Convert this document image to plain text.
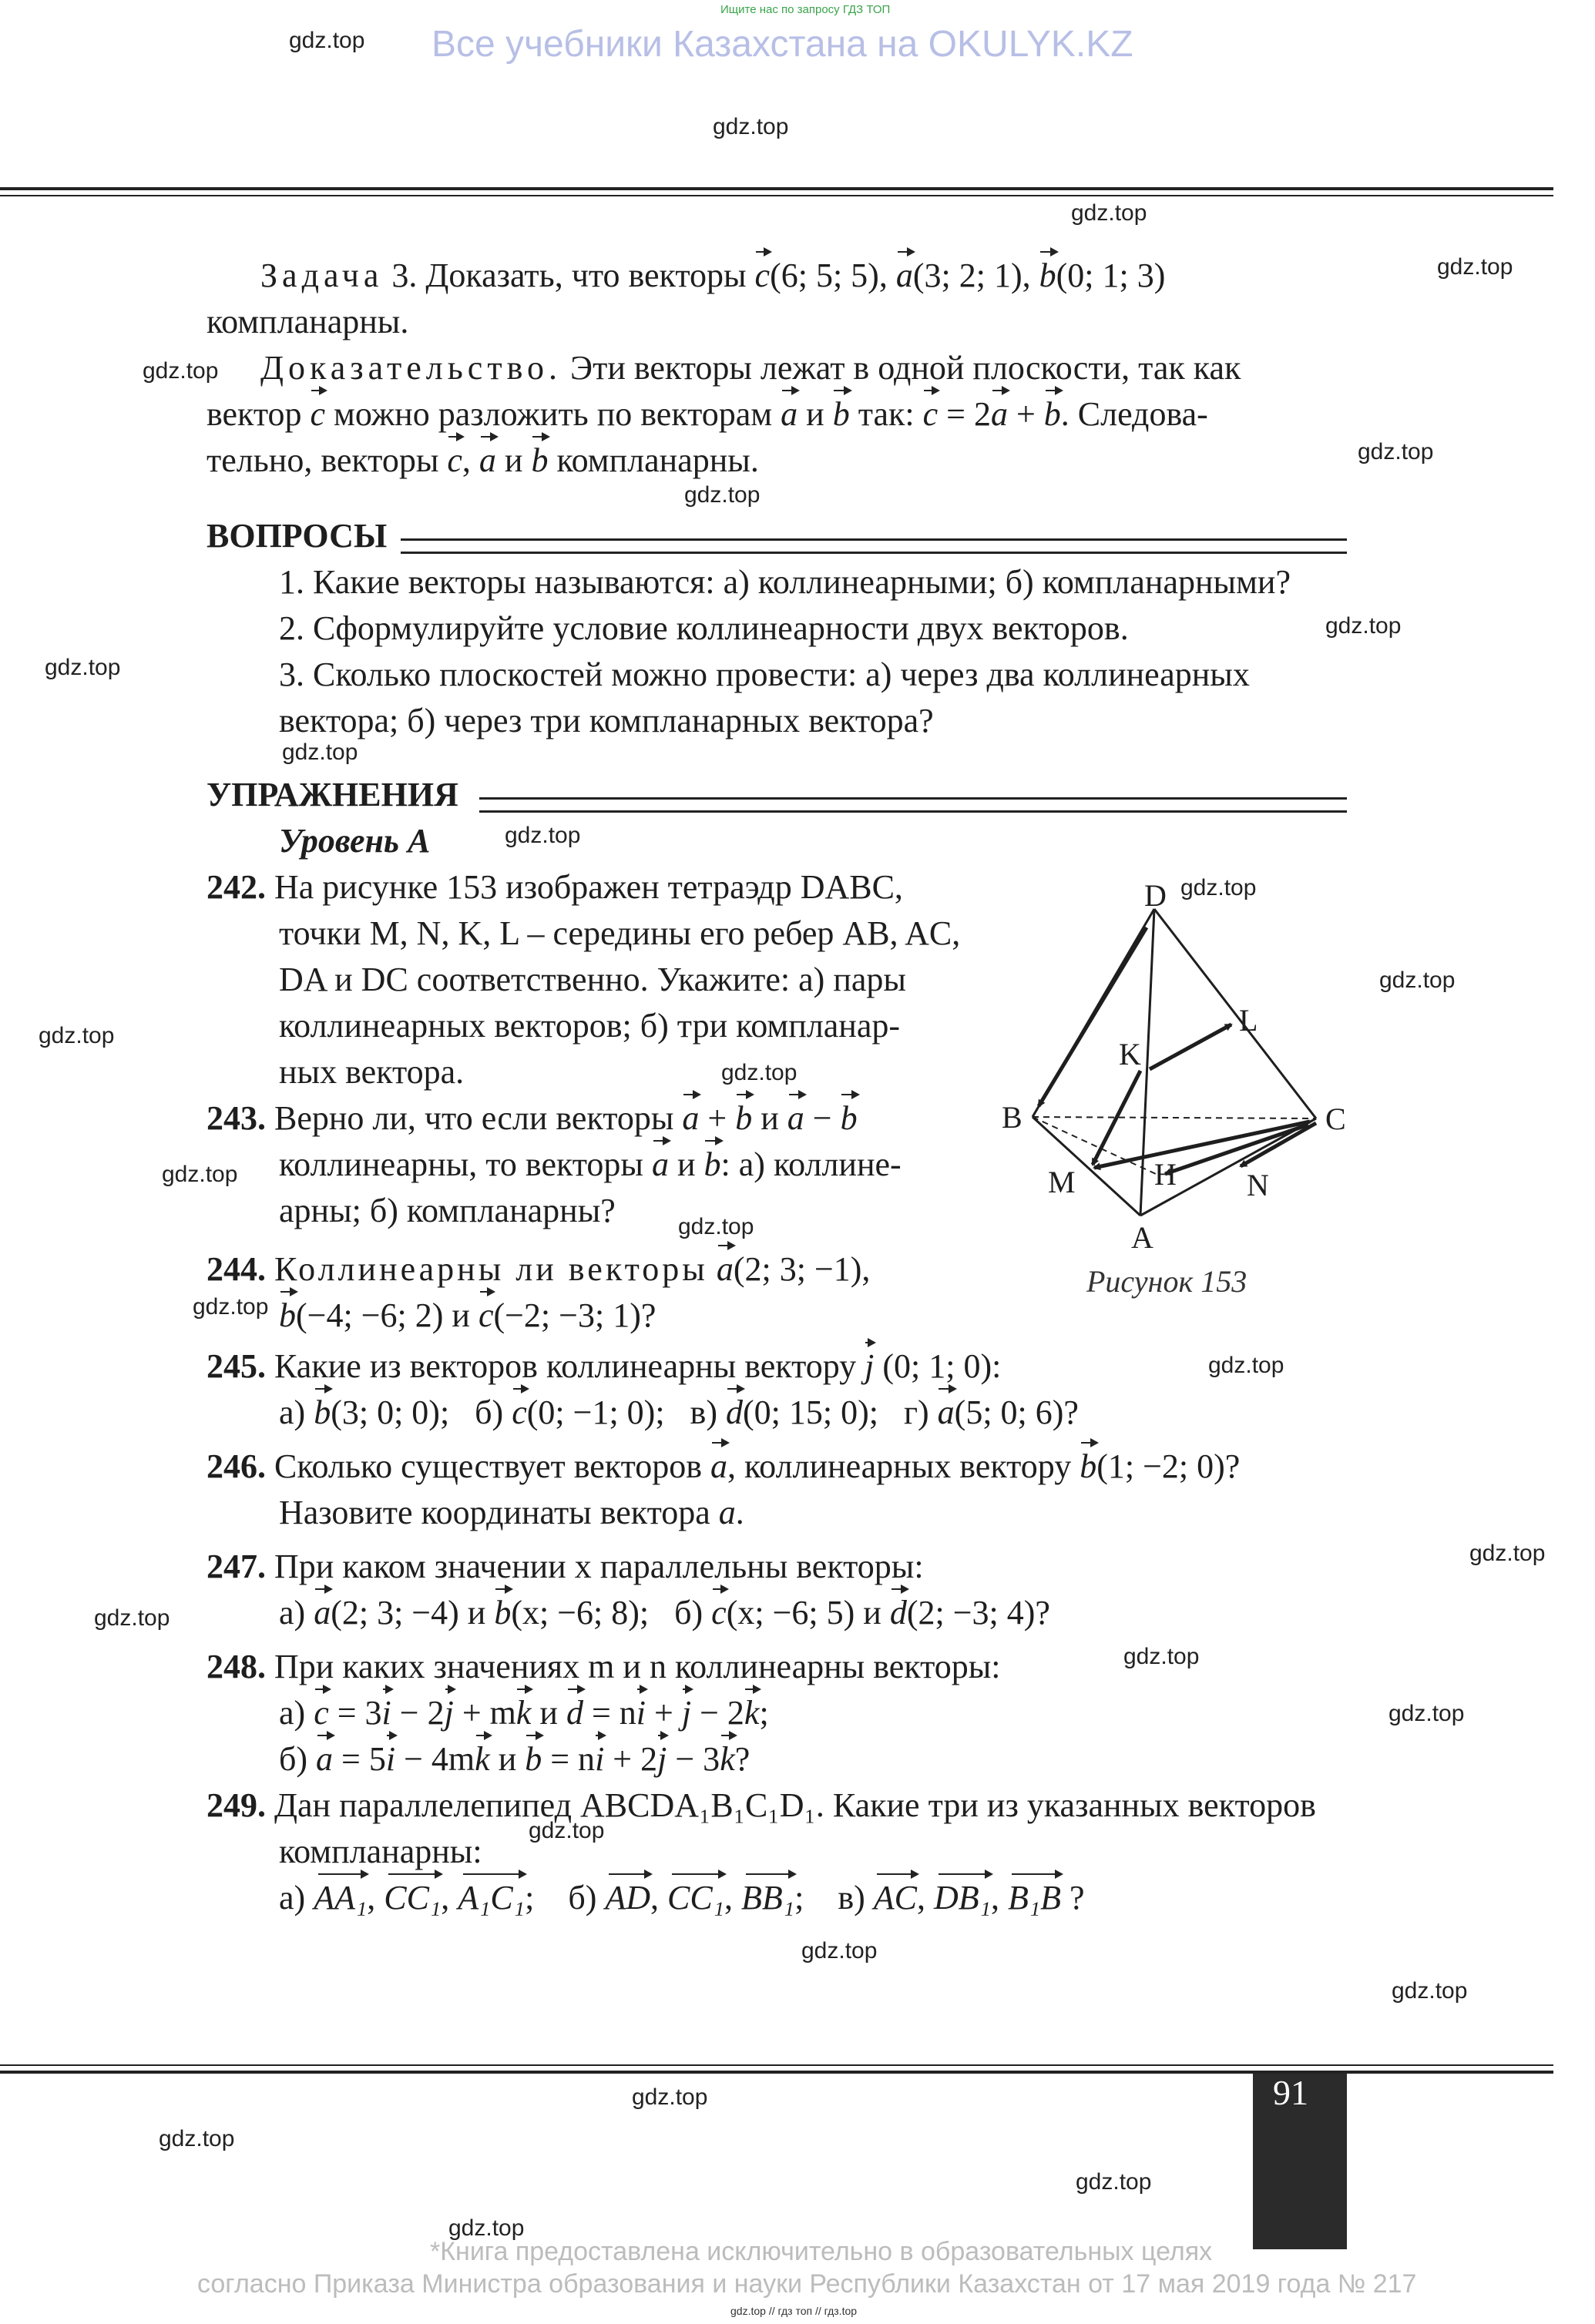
Ищите нас по запросу ГДЗ ТОП
Все учебники Казахстана на OKULYK.KZ
gdz.top
gdz.top
gdz.top
gdz.top
gdz.top
gdz.top
gdz.top
gdz.top
gdz.top
gdz.top
gdz.top
gdz.top
gdz.top
gdz.top
gdz.top
gdz.top
gdz.top
gdz.top
gdz.top
gdz.top
gdz.top
gdz.top
gdz.top
gdz.top
gdz.top
gdz.top
gdz.top
gdz.top
gdz.top
gdz.top
Задача 3. Доказать, что векторы c(6; 5; 5), a(3; 2; 1), b(0; 1; 3)
компланарны.
Доказательство. Эти векторы лежат в одной плоскости, так как
вектор c можно разложить по векторам a и b так: c = 2a + b. Следова-
тельно, векторы c, a и b компланарны.
ВОПРОСЫ
1. Какие векторы называются: а) коллинеарными; б) компланарными?
2. Сформулируйте условие коллинеарности двух векторов.
3. Сколько плоскостей можно провести: а) через два коллинеарных
вектора; б) через три компланарных вектора?
УПРАЖНЕНИЯ
Уровень А
242. На рисунке 153 изображен тетраэдр DABC,
точки M, N, K, L – середины его ребер AB, AC,
DA и DC соответственно. Укажите: а) пары
коллинеарных векторов; б) три компланар-
ных вектора.
243. Верно ли, что если векторы a + b и a − b
коллинеарны, то векторы a и b: а) коллине-
арны; б) компланарны?
244. Коллинеарны ли векторы a(2; 3; −1),
b(−4; −6; 2) и c(−2; −3; 1)?
D
L
K
B	C
M	H N
A
Рисунок 153
245. Какие из векторов коллинеарны вектору j (0; 1; 0):
а) b(3; 0; 0); б) c(0; −1; 0); в) d(0; 15; 0); г) a(5; 0; 6)?
246. Сколько существует векторов a, коллинеарных вектору b(1; −2; 0)?
Назовите координаты вектора a.
247. При каком значении x параллельны векторы:
а) a(2; 3; −4) и b(x; −6; 8); б) c(x; −6; 5) и d(2; −3; 4)?
248. При каких значениях m и n коллинеарны векторы:
а) c = 3i − 2j + mk и d = ni + j − 2k;
б) a = 5i − 4mk и b = ni + 2j − 3k?
249. Дан параллелепипед ABCDA₁B₁C₁D₁. Какие три из указанных векторов
компланарны:
а) AA₁, CC₁, A₁C₁; б) AD, CC₁, BB₁; в) AC, DB₁, B₁B ?
91
*Книга предоставлена исключительно в образовательных целях
согласно Приказа Министра образования и науки Республики Казахстан от 17 мая 2019 года № 217
gdz.top // гдз топ // гдз.top
